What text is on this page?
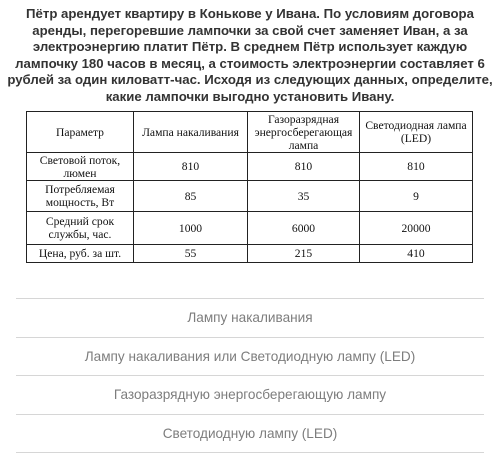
Пётр арендует квартиру в Конькове у Ивана. По условиям договора аренды, перегоревшие лампочки за свой счет заменяет Иван, а за электроэнергию платит Пётр. В среднем Пётр использует каждую лампочку 180 часов в месяц, а стоимость электроэнергии составляет 6 рублей за один киловатт-час. Исходя из следующих данных, определите, какие лампочки выгодно установить Ивану.
Параметр	Лампа накаливания	Газоразрядная энергосберегающая лампа	Светодиодная лампа (LED)
Световой поток, люмен	810	810	810
Потребляемая мощность, Вт	85	35	9
Средний срок службы, час.	1000	6000	20000
Цена, руб. за шт.	55	215	410
Лампу накаливания
Лампу накаливания или Светодиодную лампу (LED)
Газоразрядную энергосберегающую лампу
Светодиодную лампу (LED)
